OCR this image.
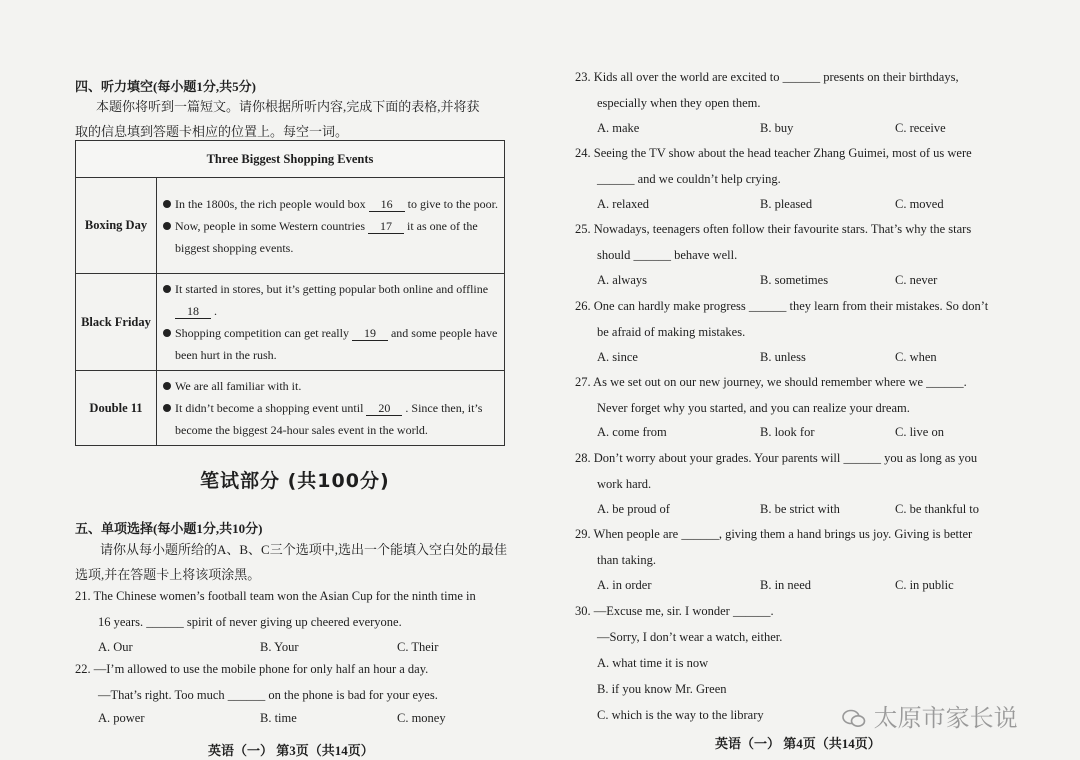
四、听力填空(每小题1分,共5分)
本题你将听到一篇短文。请你根据所听内容,完成下面的表格,并将获
取的信息填到答题卡相应的位置上。每空一词。
Three Biggest Shopping Events	
Boxing Day	In the 1800s, the rich people would box 16 to give to the poor.
Now, people in some Western countries 17 it as one of the biggest shopping events.

Black Friday	It started in stores, but it’s getting popular both online and offline 18 .
Shopping competition can get really 19 and some people have been hurt in the rush.

Double 11	We are all familiar with it.
It didn’t become a shopping event until 20 . Since then, it’s become the biggest 24-hour sales event in the world.
笔试部分 (共100分)
五、单项选择(每小题1分,共10分)
请你从每小题所给的A、B、C三个选项中,选出一个能填入空白处的最佳
选项,并在答题卡上将该项涂黑。
21. The Chinese women’s football team won the Asian Cup for the ninth time in
16 years. ______ spirit of never giving up cheered everyone.
A. Our	B. Your	C. Their
22. —I’m allowed to use the mobile phone for only half an hour a day.
—That’s right. Too much ______ on the phone is bad for your eyes.
A. power	B. time	C. money
英语（一） 第3页（共14页）
23. Kids all over the world are excited to ______ presents on their birthdays,
especially when they open them.
A. make	B. buy	C. receive
24. Seeing the TV show about the head teacher Zhang Guimei, most of us were
______ and we couldn’t help crying.
A. relaxed	B. pleased	C. moved
25. Nowadays, teenagers often follow their favourite stars. That’s why the stars
should ______ behave well.
A. always	B. sometimes	C. never
26. One can hardly make progress ______ they learn from their mistakes. So don’t
be afraid of making mistakes.
A. since	B. unless	C. when
27. As we set out on our new journey, we should remember where we ______.
Never forget why you started, and you can realize your dream.
A. come from	B. look for	C. live on
28. Don’t worry about your grades. Your parents will ______ you as long as you
work hard.
A. be proud of	B. be strict with	C. be thankful to
29. When people are ______, giving them a hand brings us joy. Giving is better
than taking.
A. in order	B. in need	C. in public
30. —Excuse me, sir. I wonder ______.
—Sorry, I don’t wear a watch, either.
A. what time it is now
B. if you know Mr. Green
C. which is the way to the library
英语（一） 第4页（共14页）
太原市家长说
